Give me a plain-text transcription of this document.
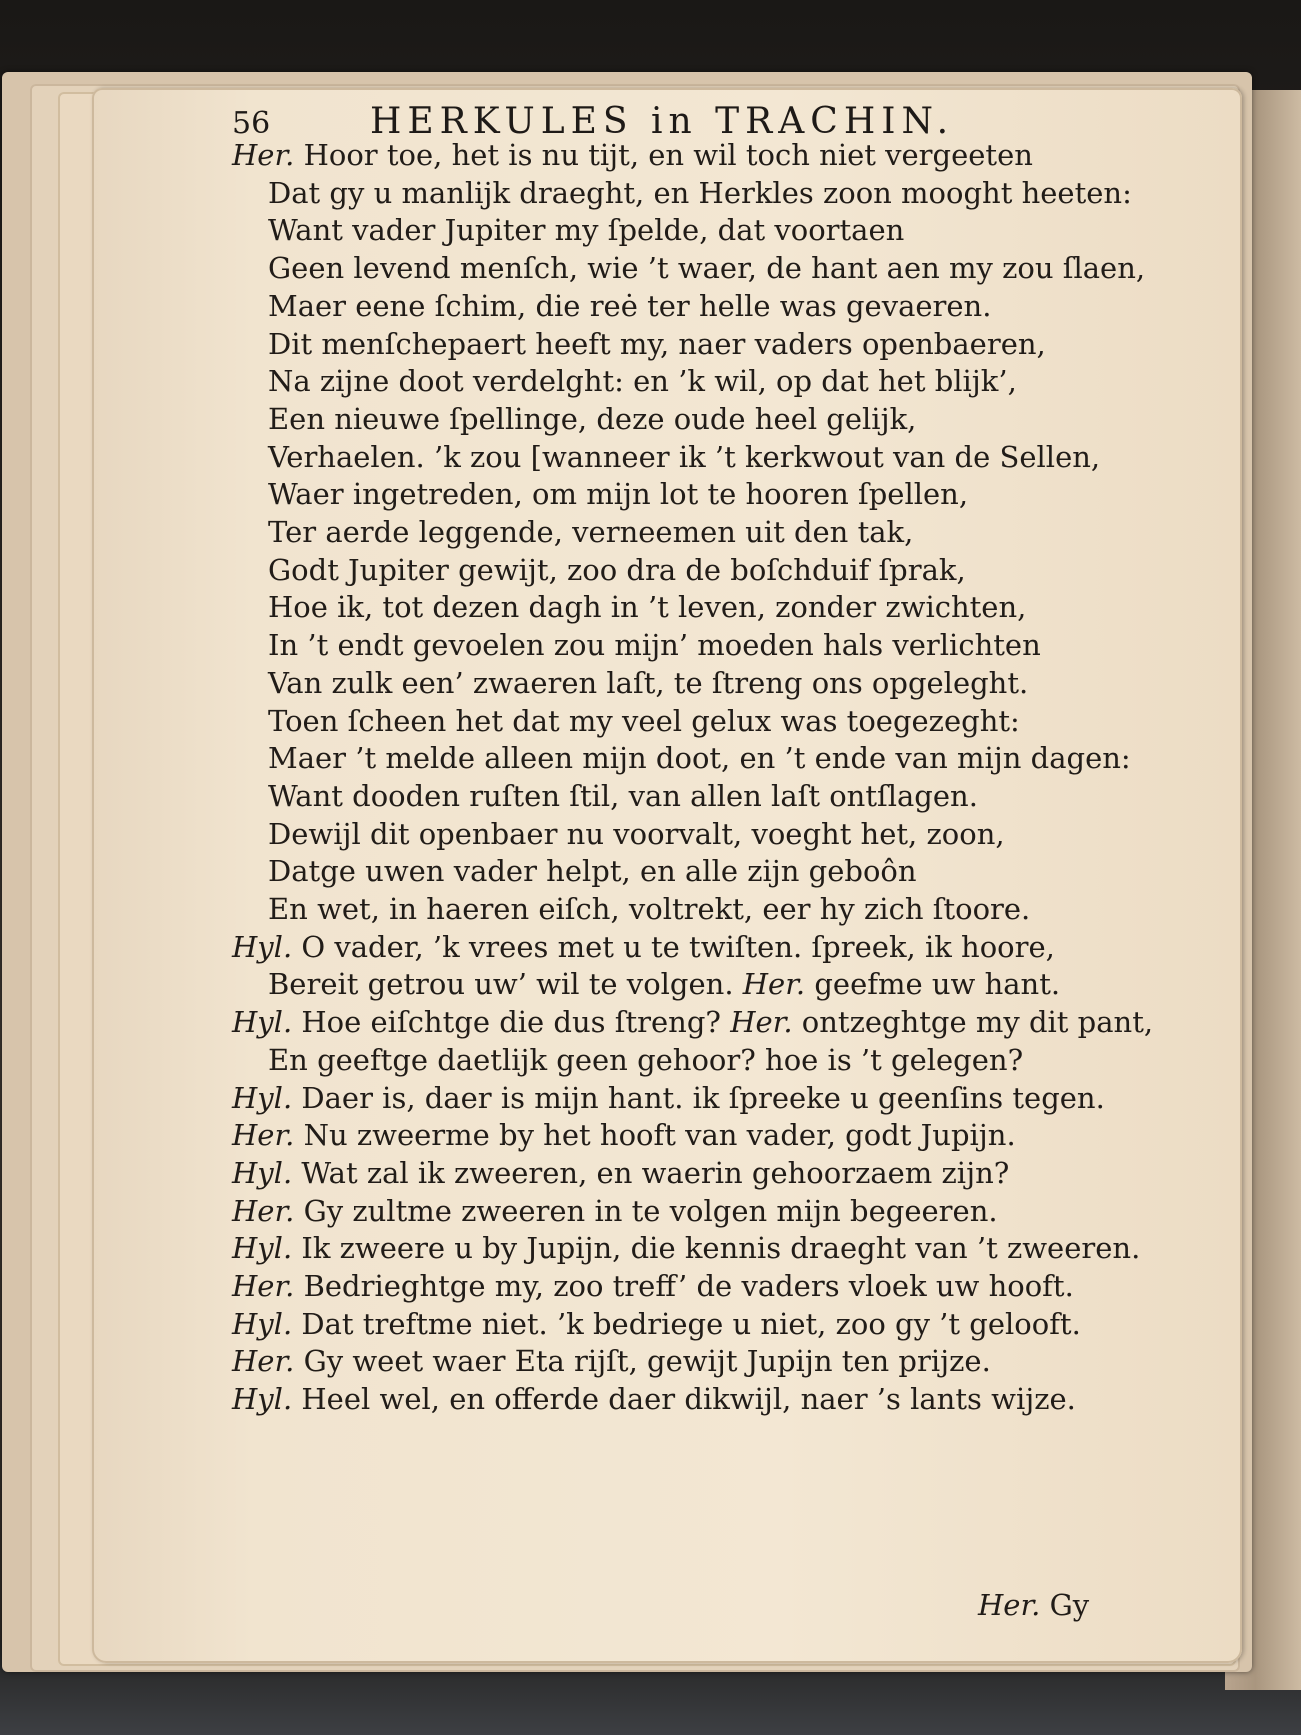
56	HERKULES in TRACHIN.
Her. Hoor toe, het is nu tijt, en wil toch niet vergeeten
Dat gy u manlijk draeght, en Herkles zoon mooght heeten:
Want vader Jupiter my ſpelde, dat voortaen
Geen levend menſch, wie ’t waer, de hant aen my zou ſlaen,
Maer eene ſchim, die reė ter helle was gevaeren.
Dit menſchepaert heeft my, naer vaders openbaeren,
Na zijne doot verdelght: en ’k wil, op dat het blijk’,
Een nieuwe ſpellinge, deze oude heel gelijk,
Verhaelen. ’k zou [wanneer ik ’t kerkwout van de Sellen,
Waer ingetreden, om mijn lot te hooren ſpellen,
Ter aerde leggende, verneemen uit den tak,
Godt Jupiter gewijt, zoo dra de boſchduif ſprak,
Hoe ik, tot dezen dagh in ’t leven, zonder zwichten,
In ’t endt gevoelen zou mijn’ moeden hals verlichten
Van zulk een’ zwaeren laſt, te ſtreng ons opgeleght.
Toen ſcheen het dat my veel gelux was toegezeght:
Maer ’t melde alleen mijn doot, en ’t ende van mijn dagen:
Want dooden ruſten ſtil, van allen laſt ontſlagen.
Dewijl dit openbaer nu voorvalt, voeght het, zoon,
Datge uwen vader helpt, en alle zijn geboôn
En wet, in haeren eiſch, voltrekt, eer hy zich ſtoore.
Hyl. O vader, ’k vrees met u te twiſten. ſpreek, ik hoore,
Bereit getrou uw’ wil te volgen. Her. geefme uw hant.
Hyl. Hoe eiſchtge die dus ſtreng? Her. ontzeghtge my dit pant,
En geeftge daetlijk geen gehoor? hoe is ’t gelegen?
Hyl. Daer is, daer is mijn hant. ik ſpreeke u geenſins tegen.
Her. Nu zweerme by het hooft van vader, godt Jupijn.
Hyl. Wat zal ik zweeren, en waerin gehoorzaem zijn?
Her. Gy zultme zweeren in te volgen mijn begeeren.
Hyl. Ik zweere u by Jupijn, die kennis draeght van ’t zweeren.
Her. Bedrieghtge my, zoo treff’ de vaders vloek uw hooft.
Hyl. Dat treftme niet. ’k bedriege u niet, zoo gy ’t gelooft.
Her. Gy weet waer Eta rijſt, gewijt Jupijn ten prijze.
Hyl. Heel wel, en offerde daer dikwijl, naer ’s lants wijze.
Her. Gy
